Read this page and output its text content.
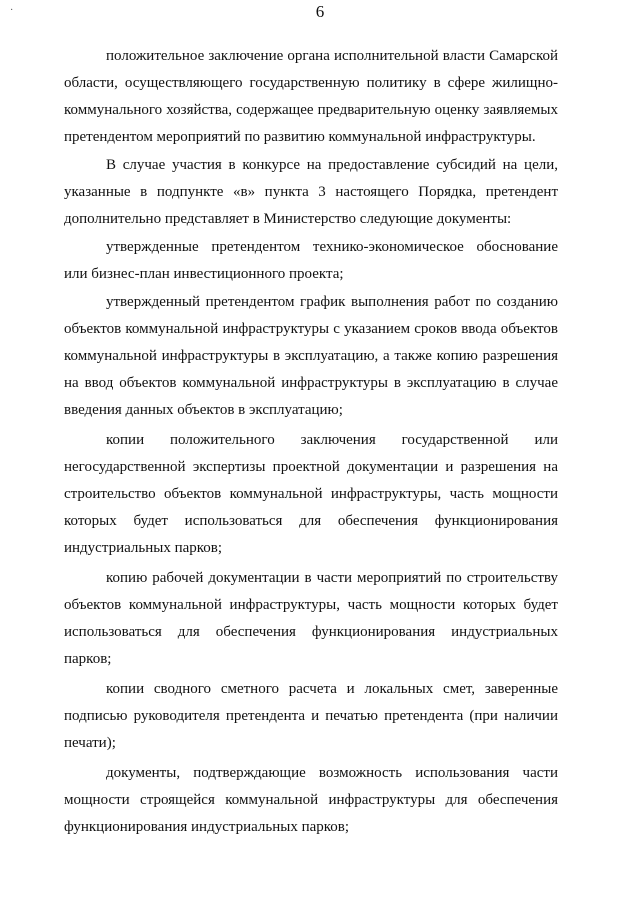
·	6

положительное заключение органа исполнительной власти Самарской области, осуществляющего государственную политику в сфере жилищно-коммунального хозяйства, содержащее предварительную оценку заявляемых претендентом мероприятий по развитию коммунальной инфраструктуры.

В случае участия в конкурсе на предоставление субсидий на цели, указанные в подпункте «в» пункта 3 настоящего Порядка, претендент дополнительно представляет в Министерство следующие документы:

утвержденные претендентом технико-экономическое обоснование или бизнес-план инвестиционного проекта;

утвержденный претендентом график выполнения работ по созданию объектов коммунальной инфраструктуры с указанием сроков ввода объектов коммунальной инфраструктуры в эксплуатацию, а также копию разрешения на ввод объектов коммунальной инфраструктуры в эксплуатацию в случае введения данных объектов в эксплуатацию;

копии положительного заключения государственной или негосударственной экспертизы проектной документации и разрешения на строительство объектов коммунальной инфраструктуры, часть мощности которых будет использоваться для обеспечения функционирования индустриальных парков;

копию рабочей документации в части мероприятий по строительству объектов коммунальной инфраструктуры, часть мощности которых будет использоваться для обеспечения функционирования индустриальных парков;

копии сводного сметного расчета и локальных смет, заверенные подписью руководителя претендента и печатью претендента (при наличии печати);

документы, подтверждающие возможность использования части мощности строящейся коммунальной инфраструктуры для обеспечения функционирования индустриальных парков;
